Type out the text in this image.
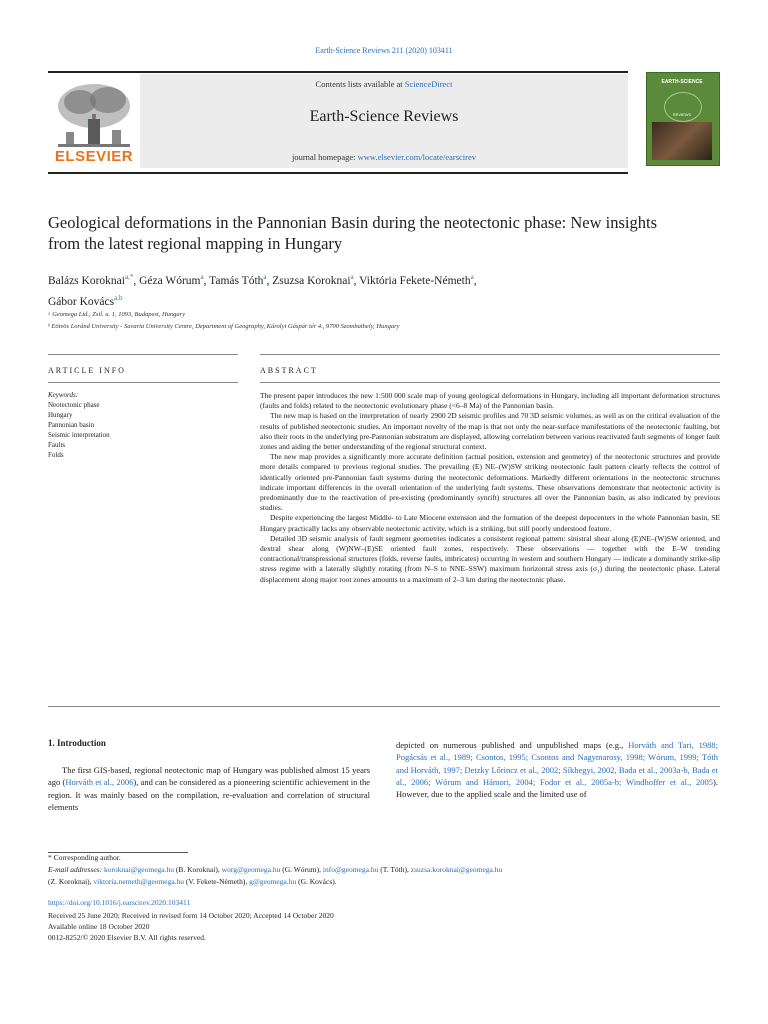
Earth-Science Reviews 211 (2020) 103411
ELSEVIER
Contents lists available at ScienceDirect
Earth-Science Reviews
journal homepage: www.elsevier.com/locate/earscirev
EARTH-SCIENCE
REVIEWS
Geological deformations in the Pannonian Basin during the neotectonic phase: New insights from the latest regional mapping in Hungary
Balázs Koroknai$^{a,*}$, Géza Wórum$^a$, Tamás Tóth$^a$, Zsuzsa Koroknai$^a$, Viktória Fekete-Németh$^a$,
Gábor Kovács$^{a,b}$
ᵃ Geomega Ltd., Zsil. u. 1, 1093, Budapest, Hungary
ᵇ Eötvös Loránd University - Savaria University Centre, Department of Geography, Károlyi Gáspár tér 4., 9700 Szombathely, Hungary
ARTICLE INFO	ABSTRACT
Keywords:
Neotectonic phase
Hungary
Pannonian basin
Seismic interpretation
Faults
Folds

The present paper introduces the new 1:500 000 scale map of young geological deformations in Hungary, including all important deformation structures (faults and folds) related to the neotectonic evolutionary phase (<6–8 Ma) of the Pannonian basin.

The new map is based on the interpretation of nearly 2900 2D seismic profiles and 70 3D seismic volumes, as well as on the critical evaluation of the results of published neotectonic studies. An important novelty of the map is that not only the near-surface manifestations of the neotectonic faulting, but also their roots in the underlying pre-Pannonian substratum are displayed, allowing correlation between various reactivated fault segments of longer fault zones and aiding the better understanding of the regional structural context.

The new map provides a significantly more accurate definition (actual position, extension and geometry) of the neotectonic structures and provide more details compared to previous regional studies. The prevailing (E) NE–(W)SW striking neotectonic fault pattern clearly reflects the control of identically oriented pre-Pannonian fault systems during the neotectonic deformations. Markedly different orientations in the neotectonic structures indicate important differences in the overall orientation of the underlying fault systems. These observations demonstrate that neotectonic activity is predominantly due to the reactivation of pre-existing (predominantly synrift) structures all over the Pannonian basin, as also indicated by previous studies.

Despite experiencing the largest Middle- to Late Miocene extension and the formation of the deepest depocenters in the whole Pannonian basin, SE Hungary practically lacks any observable neotectonic activity, which is a striking, but still poorly understood feature.

Detailed 3D seismic analysis of fault segment geometries indicates a consistent regional pattern: sinistral shear along (E)NE–(W)SW oriented, and dextral shear along (W)NW–(E)SE oriented fault zones, respectively. These observations — together with the E–W trending contractional/transpressional structures (folds, reverse faults, imbricates) occurring in western and southern Hungary — indicate a dominantly strike-slip stress regime with a laterally slightly rotating (from N–S to NNE–SSW) maximum horizontal stress axis (σ₁) during the neotectonic phase. Lateral displacement along major root zones amounts to a maximum of 2–3 km during the neotectonic phase.

1. Introduction

The first GIS-based, regional neotectonic map of Hungary was published almost 15 years ago (Horváth et al., 2006), and can be considered as a pioneering scientific achievement in the region. It was mainly based on the compilation, re-evaluation and correlation of structural elements

depicted on numerous published and unpublished maps (e.g., Horváth and Tari, 1988; Pogácsás et al., 1989; Csontos, 1995; Csontos and Nagymarosy, 1998; Wórum, 1999; Tóth and Horváth, 1997; Detzky Lőrincz et al., 2002; Síkhegyi, 2002, Bada et al., 2003a-b, Bada et al., 2006; Wórum and Hámori, 2004; Fodor et al., 2005a-b; Windhoffer et al., 2005). However, due to the applied scale and the limited use of

* Corresponding author.
E-mail addresses: koroknai@geomega.hu (B. Koroknai), worg@geomega.hu (G. Wórum), info@geomega.hu (T. Tóth), zsuzsa.koroknai@geomega.hu
(Z. Koroknai), viktoria.nemeth@geomega.hu (V. Fekete-Németh), g@geomega.hu (G. Kovács).
https://doi.org/10.1016/j.earscirev.2020.103411
Received 25 June 2020; Received in revised form 14 October 2020; Accepted 14 October 2020
Available online 18 October 2020
0012-8252/© 2020 Elsevier B.V. All rights reserved.
